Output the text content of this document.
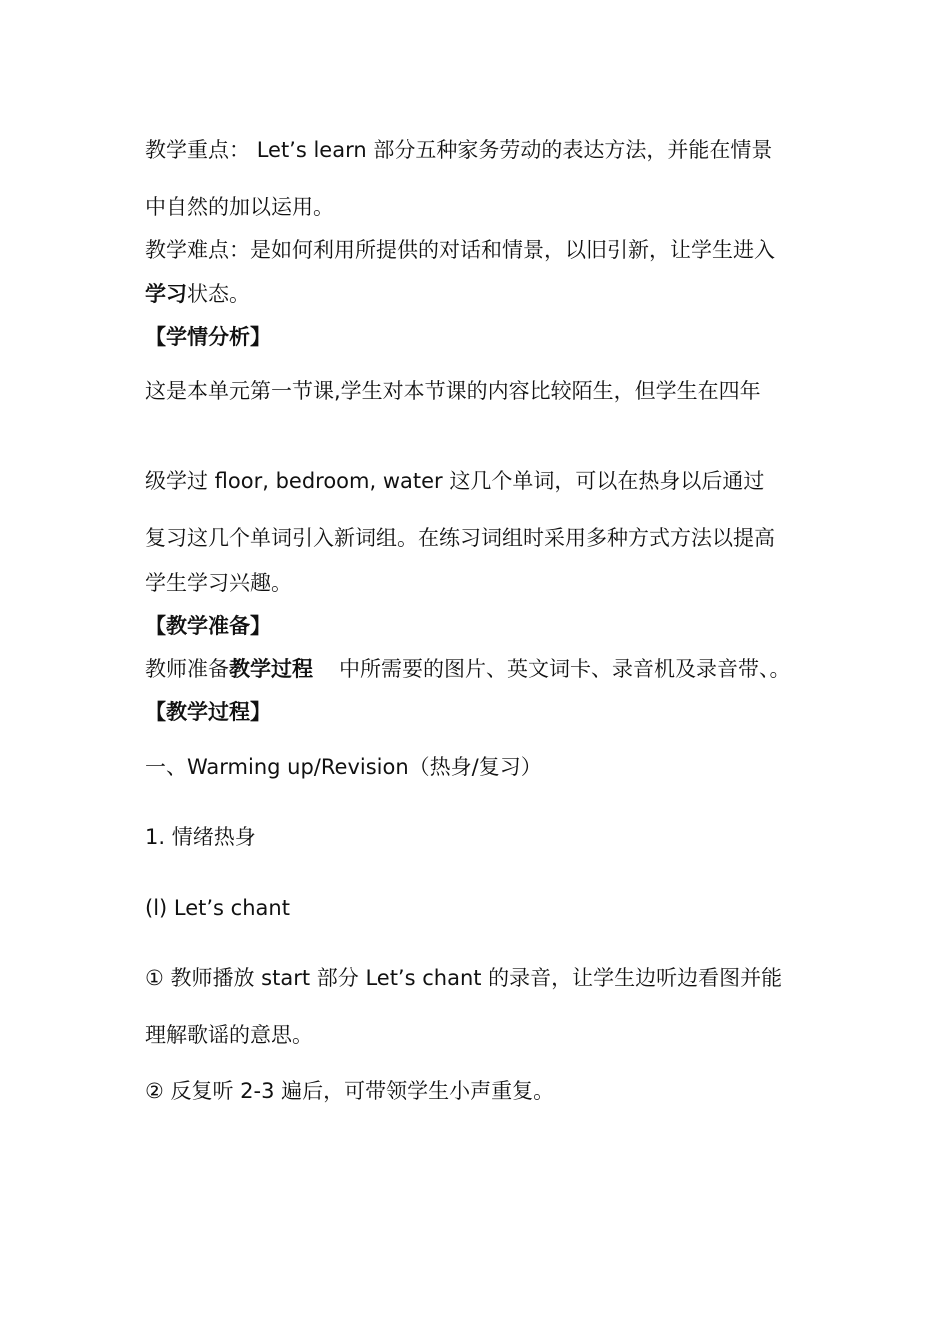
教学重点： Let’s learn 部分五种家务劳动的表达方法，并能在情景
中自然的加以运用。
教学难点：是如何利用所提供的对话和情景，以旧引新，让学生进入
学习状态。
【学情分析】
这是本单元第一节课,学生对本节课的内容比较陌生，但学生在四年
级学过 floor, bedroom, water 这几个单词，可以在热身以后通过
复习这几个单词引入新词组。在练习词组时采用多种方式方法以提高
学生学习兴趣。
【教学准备】
教师准备教学过程 中所需要的图片、英文词卡、录音机及录音带、。
【教学过程】
一、Warming up/Revision（热身/复习）
1. 情绪热身
(l) Let’s chant
① 教师播放 start 部分 Let’s chant 的录音，让学生边听边看图并能
理解歌谣的意思。
② 反复听 2-3 遍后，可带领学生小声重复。
